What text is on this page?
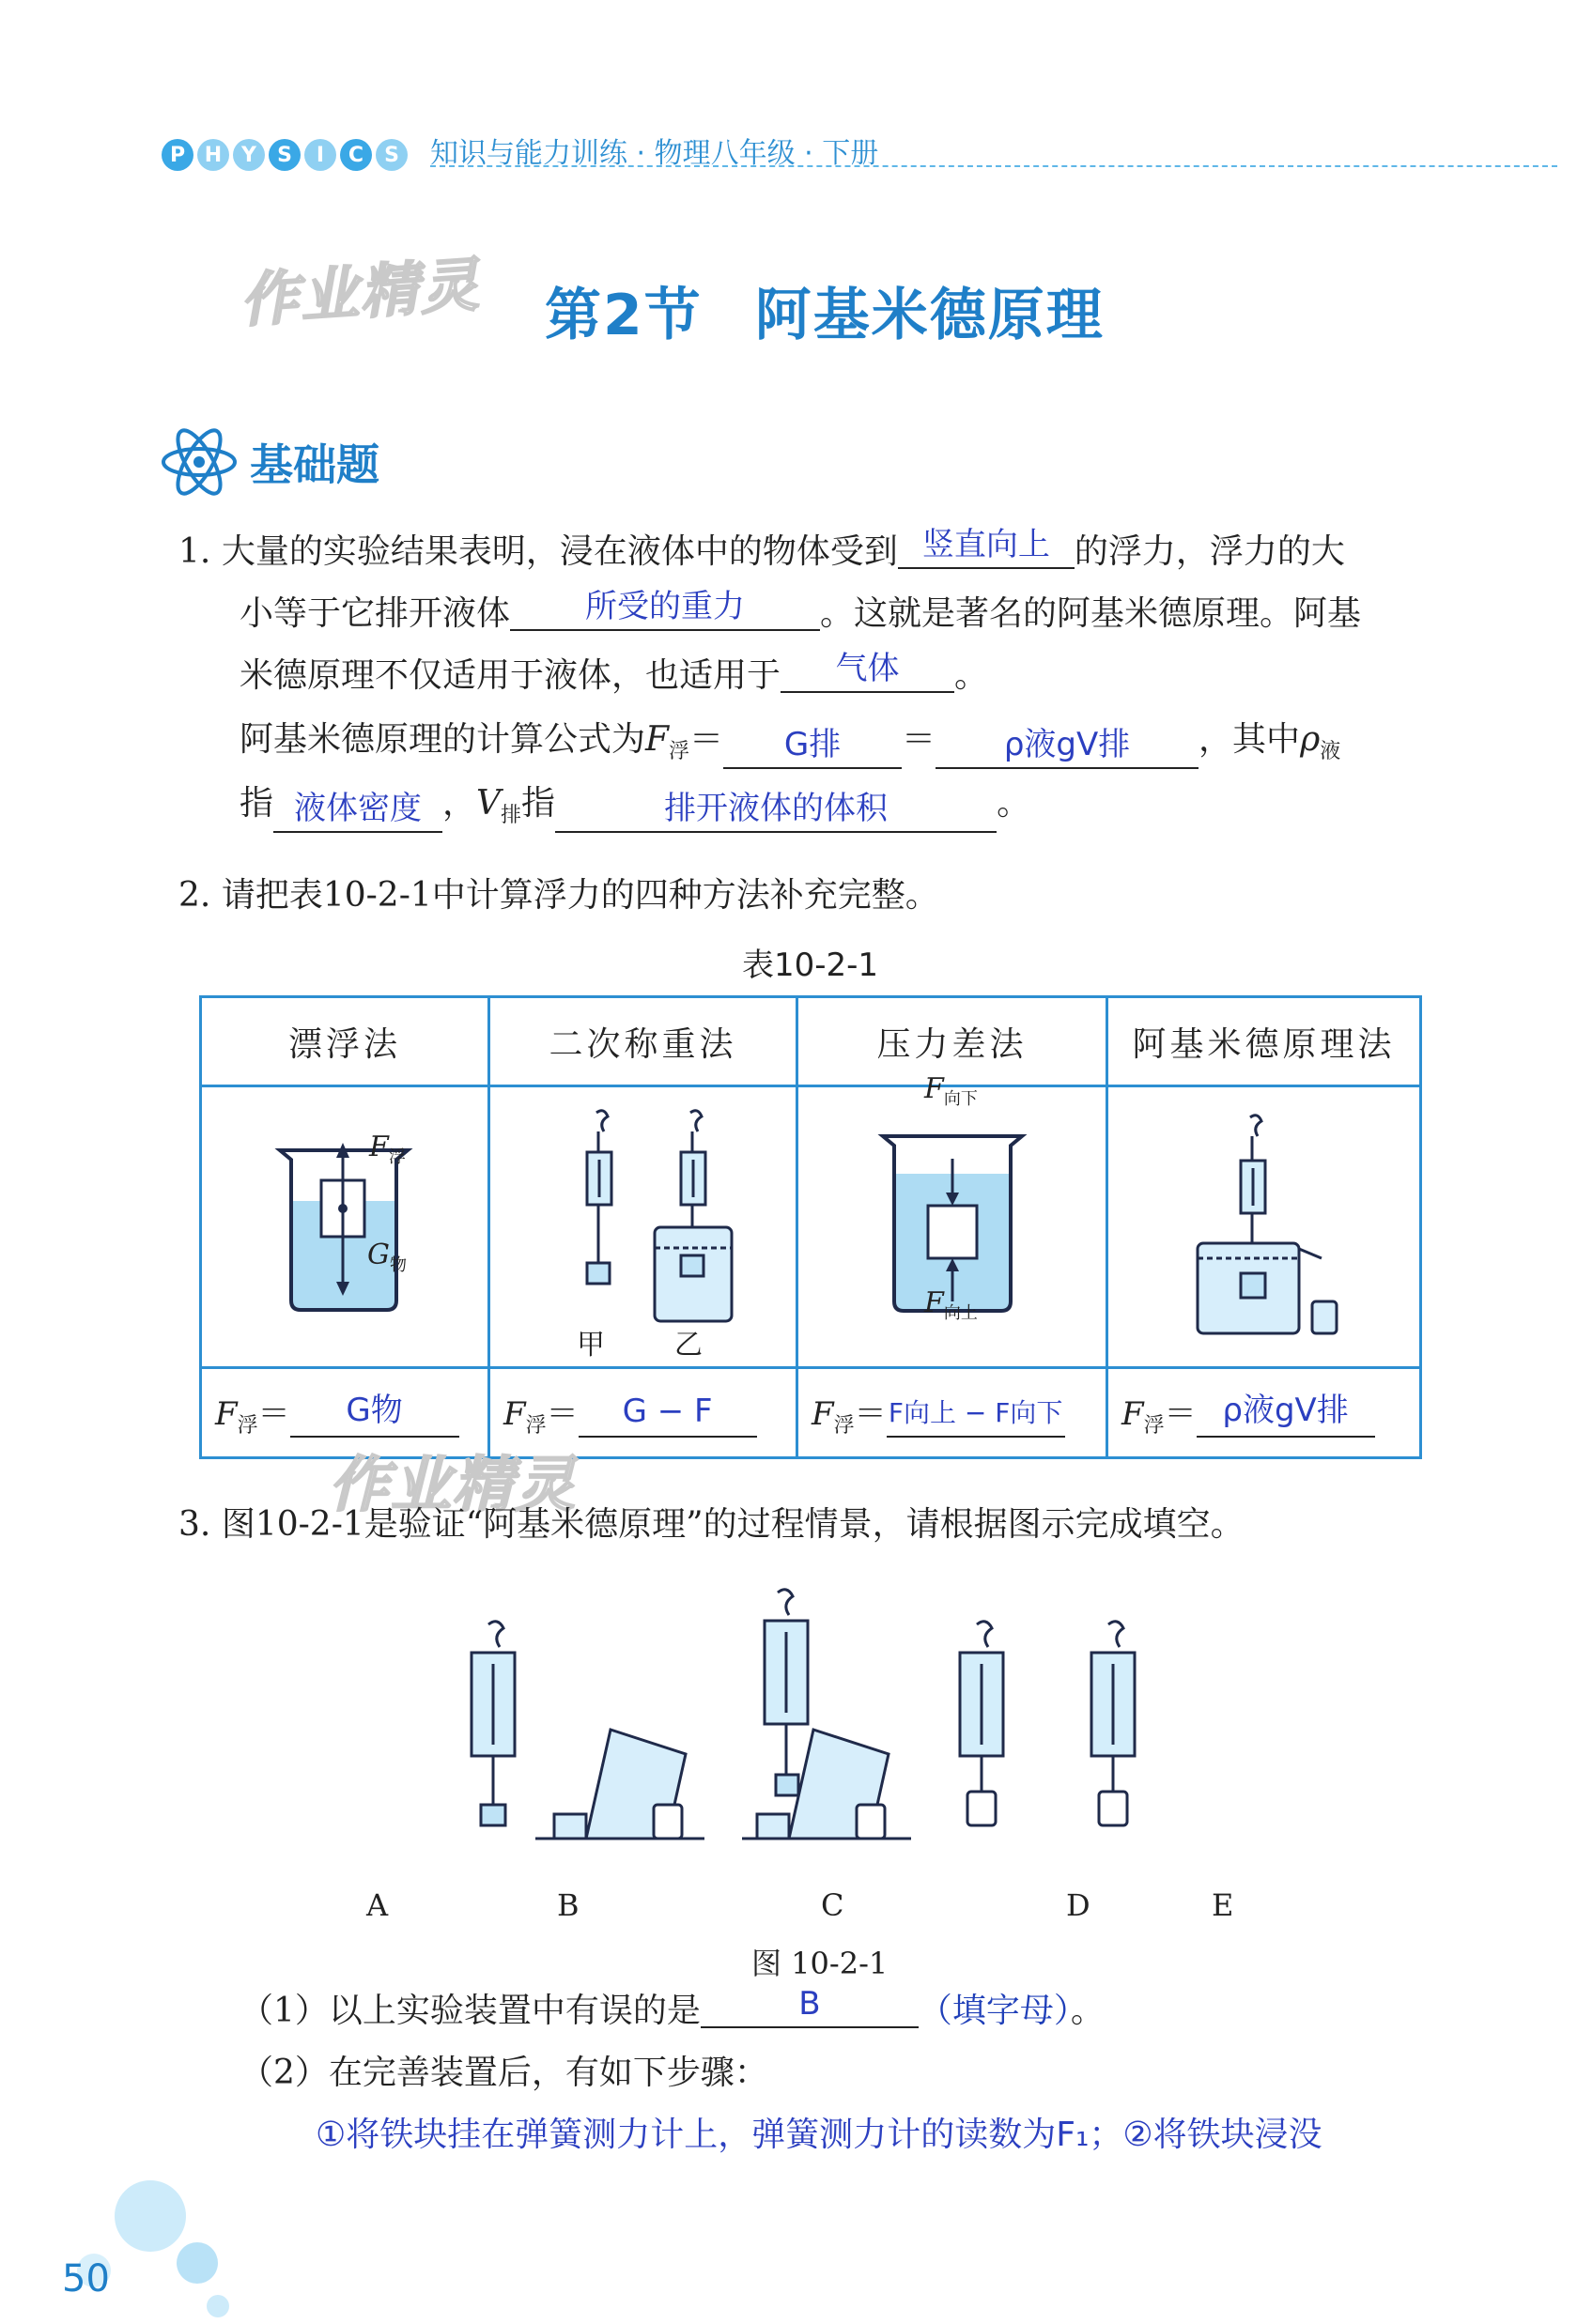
P H Y	S	I	C S	知识与能力训练 · 物理八年级 · 下册
作业精灵 第2节 阿基米德原理
基础题
1. 大量的实验结果表明，浸在液体中的物体受到 竖直向上 的浮力，浮力的大
小等于它排开液体	所受的重力	。这就是著名的阿基米德原理。阿基
米德原理不仅适用于液体，也适用于	气体	。
阿基米德原理的计算公式为$F_浮=$	G排	＝	ρ液gV排	，其中$\rho_液$
指 液体密度 ，$V_排$指	排开液体的体积	。
2. 请把表10-2-1中计算浮力的四种方法补充完整。
表10-2-1
漂浮法	二次称重法	压力差法	阿基米德原理法

$F_浮$
$G_物$	甲 乙	$F_{向下}$
$F_{向上}$

$F_浮= G$物	$F_浮= G - F$	$F_浮= F$向上 − F向下	$F_浮= \rho$液gV排
作业精灵
3. 图10-2-1是验证“阿基米德原理”的过程情景，请根据图示完成填空。
A	B	C	D	E
图 10-2-1
（1）以上实验装置中有误的是	B	（填字母）。
（2）在完善装置后，有如下步骤：
①将铁块挂在弹簧测力计上，弹簧测力计的读数为F₁；②将铁块浸没
50
